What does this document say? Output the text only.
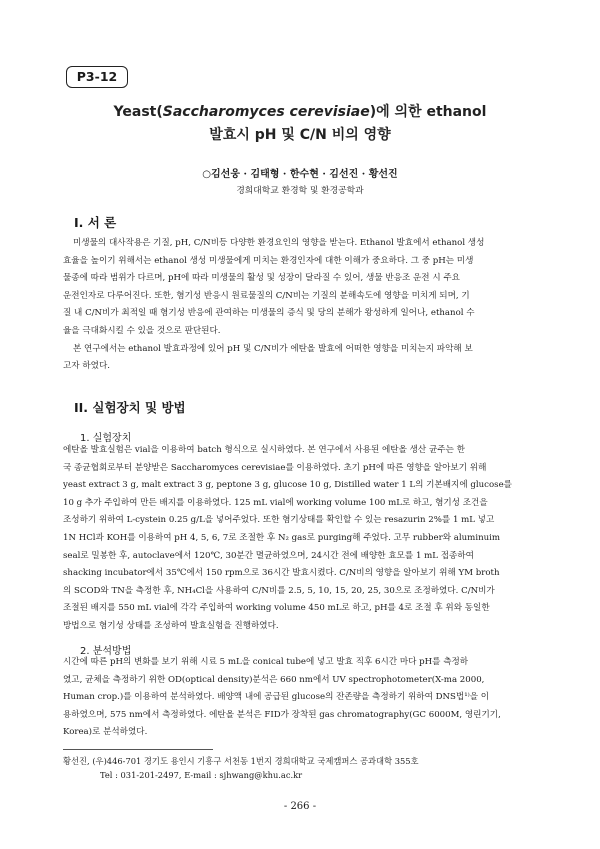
P3-12
Yeast(Saccharomyces cerevisiae)에 의한 ethanol
발효시 pH 및 C/N 비의 영향
○김선웅 · 김태형 · 한수현 · 김선진 · 황선진
경희대학교 환경학 및 환경공학과
I. 서 론
미생물의 대사작용은 기질, pH, C/N비등 다양한 환경요인의 영향을 받는다. Ethanol 발효에서 ethanol 생성
효율을 높이기 위해서는 ethanol 생성 미생물에게 미치는 환경인자에 대한 이해가 중요하다. 그 중 pH는 미생
물종에 따라 범위가 다르며, pH에 따라 미생물의 활성 및 성장이 달라질 수 있어, 생물 반응조 운전 시 주요
운전인자로 다루어진다. 또한, 혐기성 반응시 원료물질의 C/N비는 기질의 분해속도에 영향을 미치게 되며, 기
질 내 C/N비가 최적일 때 혐기성 반응에 관여하는 미생물의 증식 및 당의 분해가 왕성하게 일어나, ethanol 수
율을 극대화시킬 수 있을 것으로 판단된다.
본 연구에서는 ethanol 발효과정에 있어 pH 및 C/N비가 에탄올 발효에 어떠한 영향을 미치는지 파악해 보
고자 하였다.
II. 실험장치 및 방법
1. 실험장치
에탄올 발효실험은 vial을 이용하여 batch 형식으로 실시하였다. 본 연구에서 사용된 에탄올 생산 균주는 한
국 종균협회로부터 분양받은 Saccharomyces cerevisiae를 이용하였다. 초기 pH에 따른 영향을 알아보기 위해
yeast extract 3 g, malt extract 3 g, peptone 3 g, glucose 10 g, Distilled water 1 L의 기본배지에 glucose를
10 g 추가 주입하여 만든 배지를 이용하였다. 125 mL vial에 working volume 100 mL로 하고, 혐기성 조건을
조성하기 위하여 L-cystein 0.25 g/L을 넣어주었다. 또한 혐기상태를 확인할 수 있는 resazurin 2%를 1 mL 넣고
1N HCl과 KOH를 이용하여 pH 4, 5, 6, 7로 조절한 후 N₂ gas로 purging해 주었다. 고무 rubber와 aluminuim
seal로 밀봉한 후, autoclave에서 120℃, 30분간 멸균하였으며, 24시간 전에 배양한 효모를 1 mL 접종하여
shacking incubator에서 35℃에서 150 rpm으로 36시간 발효시켰다. C/N비의 영향을 알아보기 위해 YM broth
의 SCOD와 TN을 측정한 후, NH₄Cl을 사용하여 C/N비를 2.5, 5, 10, 15, 20, 25, 30으로 조정하였다. C/N비가
조절된 배지를 550 mL vial에 각각 주입하여 working volume 450 mL로 하고, pH를 4로 조절 후 위와 동일한
방법으로 혐기성 상태를 조성하여 발효실험을 진행하였다.
2. 분석방법
시간에 따른 pH의 변화를 보기 위해 시료 5 mL을 conical tube에 넣고 발효 직후 6시간 마다 pH를 측정하
였고, 균체을 측정하기 위한 OD(optical density)분석은 660 nm에서 UV spectrophotometer(X-ma 2000,
Human crop.)를 이용하여 분석하였다. 배양액 내에 공급된 glucose의 잔존량을 측정하기 위하여 DNS법¹⁾을 이
용하였으며, 575 nm에서 측정하였다. 에탄올 분석은 FID가 장착된 gas chromatography(GC 6000M, 영린기기,
Korea)로 분석하였다.
황선진, (우)446-701 경기도 용인시 기흥구 서천동 1번지 경희대학교 국제캠퍼스 공과대학 355호
Tel : 031-201-2497, E-mail : sjhwang@khu.ac.kr
- 266 -
